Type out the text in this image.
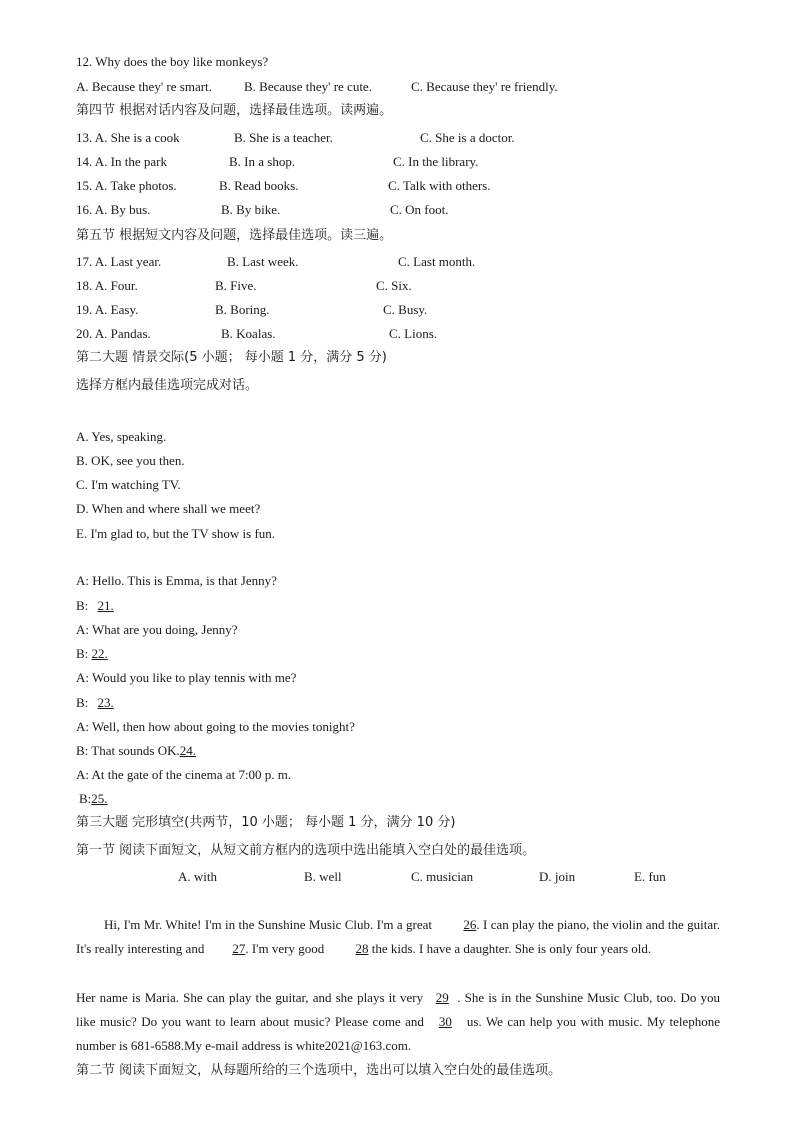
12. Why does the boy like monkeys?
A. Because they' re smart. B. Because they' re cute.	C. Because they' re friendly.
第四节 根据对话内容及问题，选择最佳选项。读两遍。
13. A. She is a cook	B. She is a teacher.	C. She is a doctor.
14. A. In the park	B. In a shop.	C. In the library.
15. A. Take photos.	B. Read books.	C. Talk with others.
16. A. By bus.	B. By bike.	C. On foot.
第五节 根据短文内容及问题，选择最佳选项。读三遍。
17. A. Last year.	B. Last week.	C. Last month.
18. A. Four.	B. Five.	C. Six.
19. A. Easy.	B. Boring.	C. Busy.
20. A. Pandas.	B. Koalas.	C. Lions.
第二大题 情景交际(5 小题； 每小题 1 分，满分 5 分)
选择方框内最佳选项完成对话。
A. Yes, speaking.
B. OK, see you then.
C. I'm watching TV.
D. When and where shall we meet?
E. I'm glad to, but the TV show is fun.
A: Hello. This is Emma, is that Jenny?
B: 21.
A: What are you doing, Jenny?
B: 22.
A: Would you like to play tennis with me?
B: 23.
A: Well, then how about going to the movies tonight?
B: That sounds OK.24.
A: At the gate of the cinema at 7:00 p. m.
B:25.
第三大题 完形填空(共两节，10 小题； 每小题 1 分，满分 10 分)
第一节 阅读下面短文，从短文前方框内的选项中选出能填入空白处的最佳选项。
A. with	B. well	C. musician	D. join	E. fun
Hi, I'm Mr. White! I'm in the Sunshine Music Club. I'm a great 26. I can play the piano, the violin and the guitar. It's really interesting and 27. I'm very good 28 the kids. I have a daughter. She is only four years old.
Her name is Maria. She can play the guitar, and she plays it very 29 . She is in the Sunshine Music Club, too. Do you like music? Do you want to learn about music? Please come and 30 us. We can help you with music. My telephone number is 681-6588.My e-mail address is white2021@163.com.
第二节 阅读下面短文，从每题所给的三个选项中，选出可以填入空白处的最佳选项。
